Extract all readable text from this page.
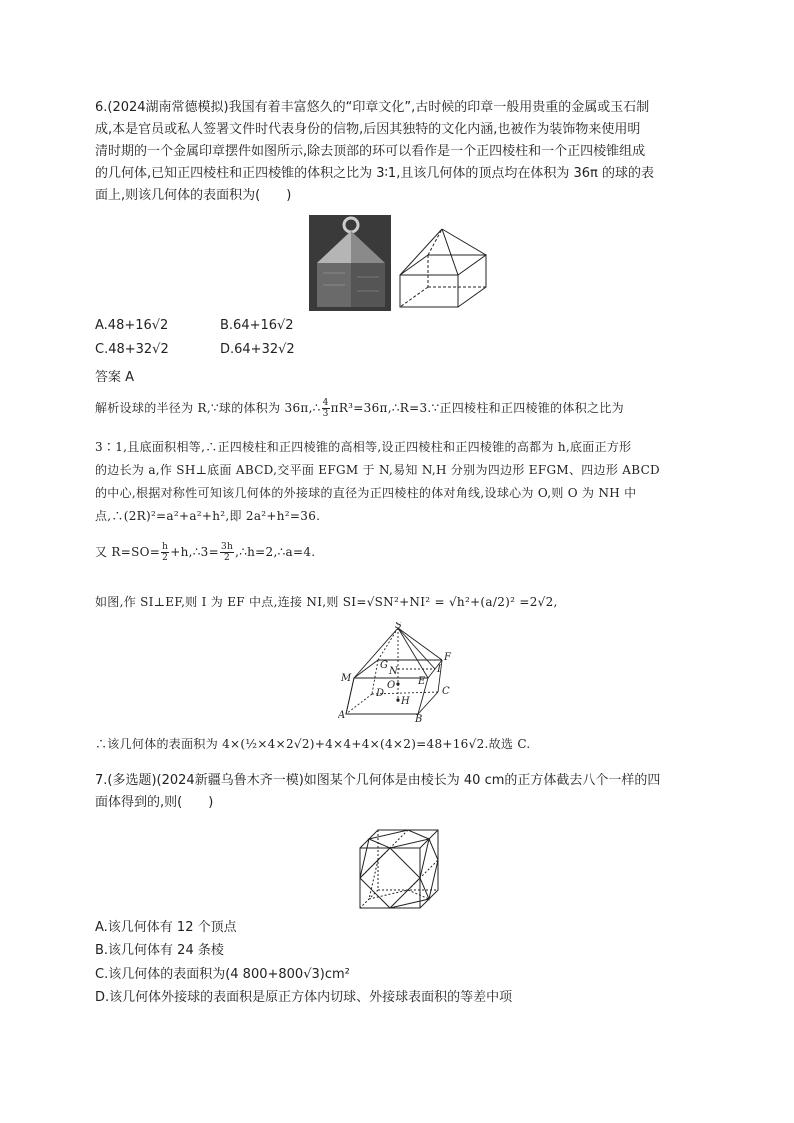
6.(2024湖南常德模拟)我国有着丰富悠久的“印章文化”,古时候的印章一般用贵重的金属或玉石制
成,本是官员或私人签署文件时代表身份的信物,后因其独特的文化内涵,也被作为装饰物来使用明
清时期的一个金属印章摆件如图所示,除去顶部的环可以看作是一个正四棱柱和一个正四棱锥组成
的几何体,已知正四棱柱和正四棱锥的体积之比为 3∶1,且该几何体的顶点均在体积为 36π 的球的表
面上,则该几何体的表面积为(　　)
A.48+16√2	B.64+16√2
C.48+32√2	D.64+32√2
答案 A
解析设球的半径为 R,∵球的体积为 36π,∴ $\frac{4}{3}$ πR³=36π,∴R=3.∵正四棱柱和正四棱锥的体积之比为
3∶1,且底面积相等,∴正四棱柱和正四棱锥的高相等,设正四棱柱和正四棱锥的高都为 h,底面正方形
的边长为 a,作 SH⊥底面 ABCD,交平面 EFGM 于 N,易知 N,H 分别为四边形 EFGM、四边形 ABCD
的中心,根据对称性可知该几何体的外接球的直径为正四棱柱的体对角线,设球心为 O,则 O 为 NH 中
点,∴(2R)²=a²+a²+h²,即 2a²+h²=36.
又 $R=SO= \frac{h}{2}$ +h,∴3= $\frac{3h}{2}$ ,∴h=2,∴a=4.
如图,作 SI⊥EF,则 I 为 EF 中点,连接 NI,则 SI=√SN²+NI² = √h²+(a/2)² =2√2,
S
G
N
F
I
M
O E
C
D
H
A	B
∴该几何体的表面积为 4×(½×4×2√2)+4×4+4×(4×2)=48+16√2.故选 C.
7.(多选题)(2024新疆乌鲁木齐一模)如图某个几何体是由棱长为 40 cm的正方体截去八个一样的四
面体得到的,则(　　)
A.该几何体有 12 个顶点
B.该几何体有 24 条棱
C.该几何体的表面积为(4 800+800√3)cm²
D.该几何体外接球的表面积是原正方体内切球、外接球表面积的等差中项
